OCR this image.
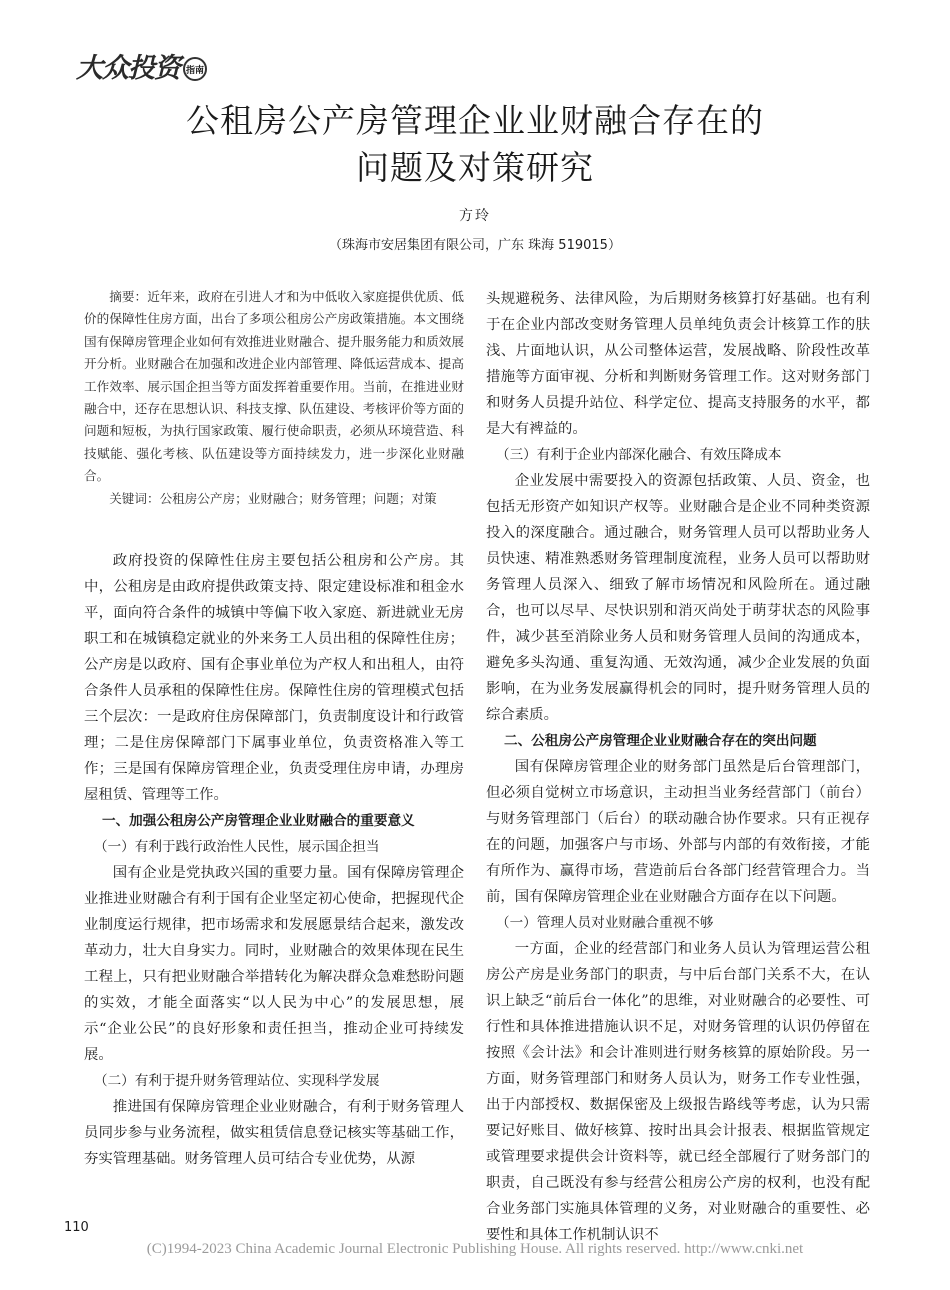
大众投资 指南
公租房公产房管理企业业财融合存在的
问题及对策研究
方玲
（珠海市安居集团有限公司，广东 珠海 519015）

摘要：近年来，政府在引进人才和为中低收入家庭提供优质、低价的保障性住房方面，出台了多项公租房公产房政策措施。本文围绕国有保障房管理企业如何有效推进业财融合、提升服务能力和质效展开分析。业财融合在加强和改进企业内部管理、降低运营成本、提高工作效率、展示国企担当等方面发挥着重要作用。当前，在推进业财融合中，还存在思想认识、科技支撑、队伍建设、考核评价等方面的问题和短板，为执行国家政策、履行使命职责，必须从环境营造、科技赋能、强化考核、队伍建设等方面持续发力，进一步深化业财融合。

关键词：公租房公产房；业财融合；财务管理；问题；对策

政府投资的保障性住房主要包括公租房和公产房。其中，公租房是由政府提供政策支持、限定建设标准和租金水平，面向符合条件的城镇中等偏下收入家庭、新进就业无房职工和在城镇稳定就业的外来务工人员出租的保障性住房；公产房是以政府、国有企事业单位为产权人和出租人，由符合条件人员承租的保障性住房。保障性住房的管理模式包括三个层次：一是政府住房保障部门，负责制度设计和行政管理；二是住房保障部门下属事业单位，负责资格准入等工作；三是国有保障房管理企业，负责受理住房申请，办理房屋租赁、管理等工作。

一、加强公租房公产房管理企业业财融合的重要意义

（一）有利于践行政治性人民性，展示国企担当

国有企业是党执政兴国的重要力量。国有保障房管理企业推进业财融合有利于国有企业坚定初心使命，把握现代企业制度运行规律，把市场需求和发展愿景结合起来，激发改革动力，壮大自身实力。同时，业财融合的效果体现在民生工程上，只有把业财融合举措转化为解决群众急难愁盼问题的实效，才能全面落实“以人民为中心”的发展思想，展示“企业公民”的良好形象和责任担当，推动企业可持续发展。

（二）有利于提升财务管理站位、实现科学发展

推进国有保障房管理企业业财融合，有利于财务管理人员同步参与业务流程，做实租赁信息登记核实等基础工作，夯实管理基础。财务管理人员可结合专业优势，从源

头规避税务、法律风险，为后期财务核算打好基础。也有利于在企业内部改变财务管理人员单纯负责会计核算工作的肤浅、片面地认识，从公司整体运营，发展战略、阶段性改革措施等方面审视、分析和判断财务管理工作。这对财务部门和财务人员提升站位、科学定位、提高支持服务的水平，都是大有裨益的。

（三）有利于企业内部深化融合、有效压降成本

企业发展中需要投入的资源包括政策、人员、资金，也包括无形资产如知识产权等。业财融合是企业不同种类资源投入的深度融合。通过融合，财务管理人员可以帮助业务人员快速、精准熟悉财务管理制度流程，业务人员可以帮助财务管理人员深入、细致了解市场情况和风险所在。通过融合，也可以尽早、尽快识别和消灭尚处于萌芽状态的风险事件，减少甚至消除业务人员和财务管理人员间的沟通成本，避免多头沟通、重复沟通、无效沟通，减少企业发展的负面影响，在为业务发展赢得机会的同时，提升财务管理人员的综合素质。

二、公租房公产房管理企业业财融合存在的突出问题

国有保障房管理企业的财务部门虽然是后台管理部门，但必须自觉树立市场意识，主动担当业务经营部门（前台）与财务管理部门（后台）的联动融合协作要求。只有正视存在的问题，加强客户与市场、外部与内部的有效衔接，才能有所作为、赢得市场，营造前后台各部门经营管理合力。当前，国有保障房管理企业在业财融合方面存在以下问题。

（一）管理人员对业财融合重视不够

一方面，企业的经营部门和业务人员认为管理运营公租房公产房是业务部门的职责，与中后台部门关系不大，在认识上缺乏“前后台一体化”的思维，对业财融合的必要性、可行性和具体推进措施认识不足，对财务管理的认识仍停留在按照《会计法》和会计准则进行财务核算的原始阶段。另一方面，财务管理部门和财务人员认为，财务工作专业性强，出于内部授权、数据保密及上级报告路线等考虑，认为只需要记好账目、做好核算、按时出具会计报表、根据监管规定或管理要求提供会计资料等，就已经全部履行了财务部门的职责，自己既没有参与经营公租房公产房的权利，也没有配合业务部门实施具体管理的义务，对业财融合的重要性、必要性和具体工作机制认识不

110
(C)1994-2023 China Academic Journal Electronic Publishing House. All rights reserved. http://www.cnki.net
